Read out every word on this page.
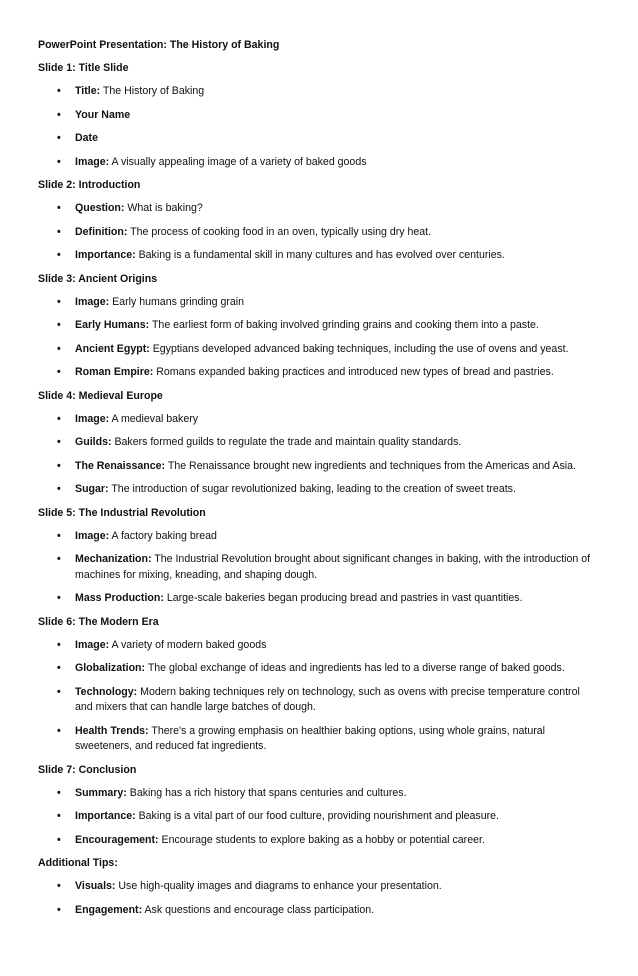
PowerPoint Presentation: The History of Baking
Slide 1: Title Slide
• Title: The History of Baking
• Your Name
• Date
• Image: A visually appealing image of a variety of baked goods
Slide 2: Introduction
• Question: What is baking?
• Definition: The process of cooking food in an oven, typically using dry heat.
• Importance: Baking is a fundamental skill in many cultures and has evolved over centuries.
Slide 3: Ancient Origins
• Image: Early humans grinding grain
• Early Humans: The earliest form of baking involved grinding grains and cooking them into a paste.
• Ancient Egypt: Egyptians developed advanced baking techniques, including the use of ovens and yeast.
• Roman Empire: Romans expanded baking practices and introduced new types of bread and pastries.
Slide 4: Medieval Europe
• Image: A medieval bakery
• Guilds: Bakers formed guilds to regulate the trade and maintain quality standards.
• The Renaissance: The Renaissance brought new ingredients and techniques from the Americas and Asia.
• Sugar: The introduction of sugar revolutionized baking, leading to the creation of sweet treats.
Slide 5: The Industrial Revolution
• Image: A factory baking bread
• Mechanization: The Industrial Revolution brought about significant changes in baking, with the introduction of machines for mixing, kneading, and shaping dough.
• Mass Production: Large-scale bakeries began producing bread and pastries in vast quantities.
Slide 6: The Modern Era
• Image: A variety of modern baked goods
• Globalization: The global exchange of ideas and ingredients has led to a diverse range of baked goods.
• Technology: Modern baking techniques rely on technology, such as ovens with precise temperature control and mixers that can handle large batches of dough.
• Health Trends: There's a growing emphasis on healthier baking options, using whole grains, natural sweeteners, and reduced fat ingredients.
Slide 7: Conclusion
• Summary: Baking has a rich history that spans centuries and cultures.
• Importance: Baking is a vital part of our food culture, providing nourishment and pleasure.
• Encouragement: Encourage students to explore baking as a hobby or potential career.
Additional Tips:
• Visuals: Use high-quality images and diagrams to enhance your presentation.
• Engagement: Ask questions and encourage class participation.
